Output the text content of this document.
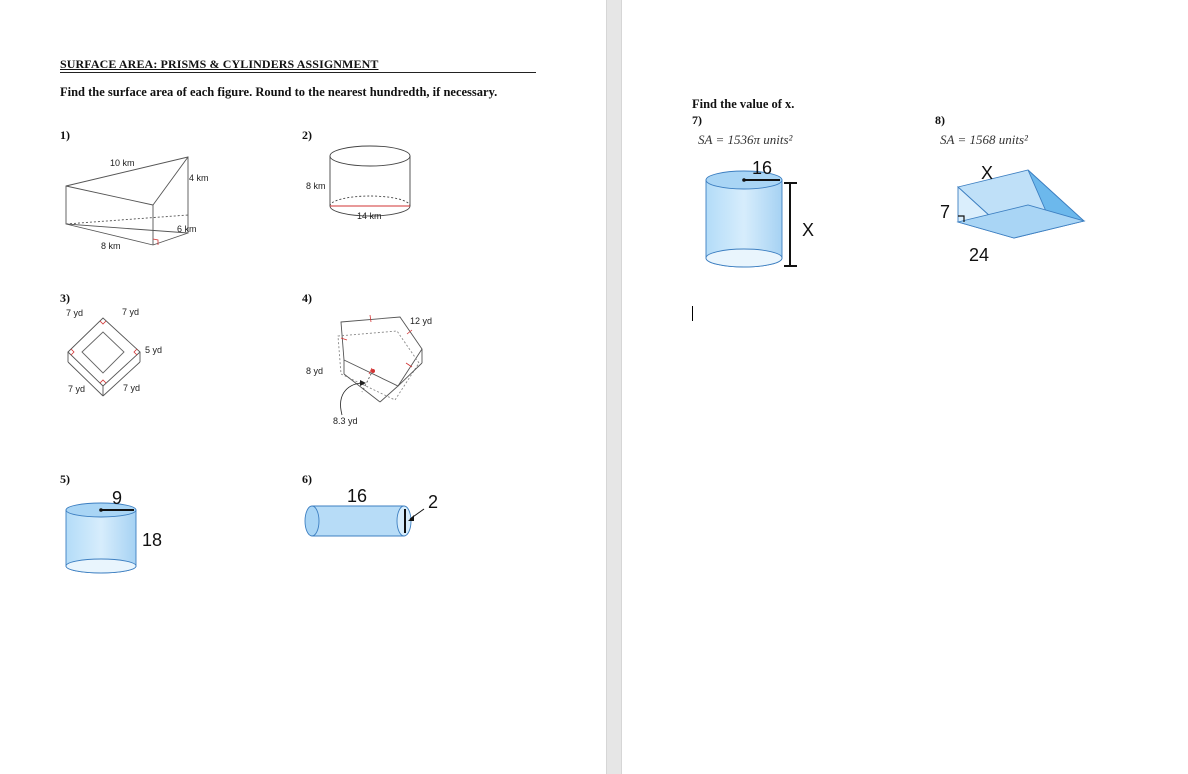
SURFACE AREA: PRISMS & CYLINDERS ASSIGNMENT
Find the surface area of each figure. Round to the nearest hundredth, if necessary.
1)	2)
3)	4)
5)	6)
10 km
4 km
6 km
8 km
8 km
14 km
7 yd	7 yd
5 yd
7 yd	7 yd
12 yd
8 yd
8.3 yd
9
18
16	2
Find the value of x.
7)	8)
SA = 1536π units²	SA = 1568 units²
16
X
X
7
24
